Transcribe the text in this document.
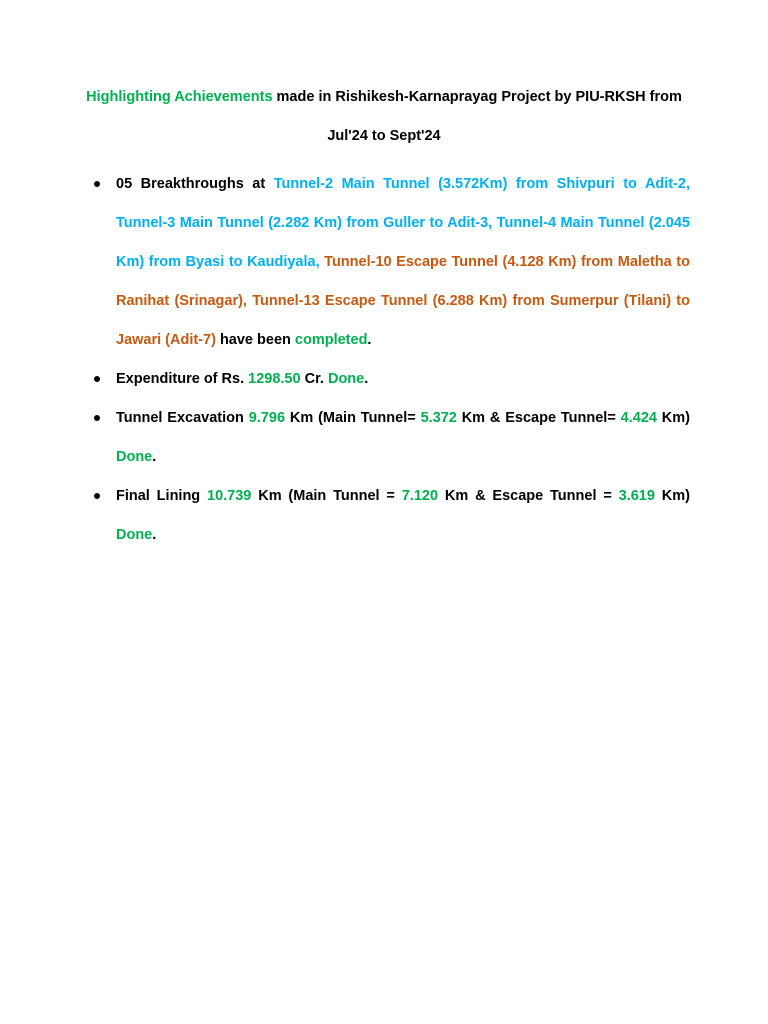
Highlighting Achievements made in Rishikesh-Karnaprayag Project by PIU-RKSH from
Jul'24 to Sept'24
05 Breakthroughs at Tunnel-2 Main Tunnel (3.572Km) from Shivpuri to Adit-2, Tunnel-3 Main Tunnel (2.282 Km) from Guller to Adit-3, Tunnel-4 Main Tunnel (2.045 Km) from Byasi to Kaudiyala, Tunnel-10 Escape Tunnel (4.128 Km) from Maletha to Ranihat (Srinagar), Tunnel-13 Escape Tunnel (6.288 Km) from Sumerpur (Tilani) to Jawari (Adit-7) have been completed.
Expenditure of Rs. 1298.50 Cr. Done.
Tunnel Excavation 9.796 Km (Main Tunnel= 5.372 Km & Escape Tunnel= 4.424 Km) Done.
Final Lining 10.739 Km (Main Tunnel = 7.120 Km & Escape Tunnel = 3.619 Km) Done.
